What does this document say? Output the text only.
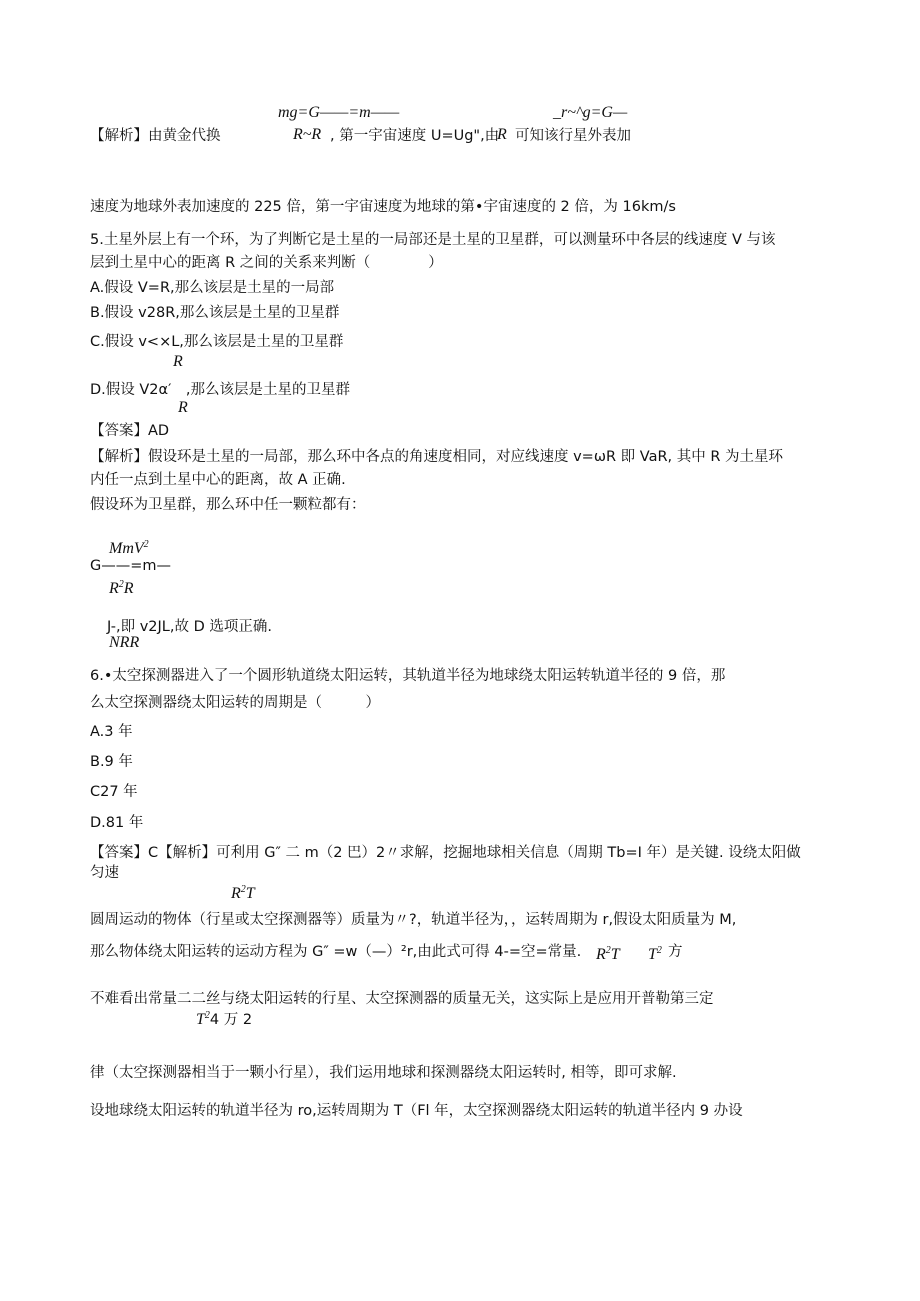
mg=G——=m——	_r~^g=G—
【解析】由黄金代换	R~R , 第一宇宙速度 U=Ug",由
R 可知该行星外表加
速度为地球外表加速度的 225 倍，第一宇宙速度为地球的第•宇宙速度的 2 倍，为 16km/s
5.土星外层上有一个环，为了判断它是土星的一局部还是土星的卫星群，可以测量环中各层的线速度 V 与该
层到土星中心的距离 R 之间的关系来判断（　　　　）
A.假设 V=R,那么该层是土星的一局部
B.假设 v28R,那么该层是土星的卫星群
C.假设 v<×L,那么该层是土星的卫星群
R
D.假设 V2α′　,那么该层是土星的卫星群
R
【答案】AD
【解析】假设环是土星的一局部，那么环中各点的角速度相同，对应线速度 v=ωR 即 VaR, 其中 R 为土星环
内任一点到土星中心的距离，故 A 正确.
假设环为卫星群，那么环中任一颗粒都有：
MmV$^2$
G——=m—
$R^2R$
J-,即 v2JL,故 D 选项正确.
NRR
6.•太空探测器进入了一个圆形轨道绕太阳运转，其轨道半径为地球绕太阳运转轨道半径的 9 倍，那
么太空探测器绕太阳运转的周期是（　　　）
A.3 年
B.9 年
C27 年
D.81 年
【答案】C【解析】可利用 G″ 二 m（2 巴）2〃求解，挖掘地球相关信息（周期 Tb=I 年）是关键. 设绕太阳做
匀速
$R^2T$
圆周运动的物体（行星或太空探测器等）质量为〃?，轨道半径为，，运转周期为 r,假设太阳质量为 M,
那么物体绕太阳运转的运动方程为 G″ =w（—）²r,由此式可得 4-=空=常量. $R^2T$ $T^2$ 方
不难看出常量二二丝与绕太阳运转的行星、太空探测器的质量无关，这实际上是应用开普勒第三定
$T^24$ 万 2
律（太空探测器相当于一颗小行星），我们运用地球和探测器绕太阳运转时, 相等，即可求解.
设地球绕太阳运转的轨道半径为 ro,运转周期为 T（Fl 年，太空探测器绕太阳运转的轨道半径内 9 办设
